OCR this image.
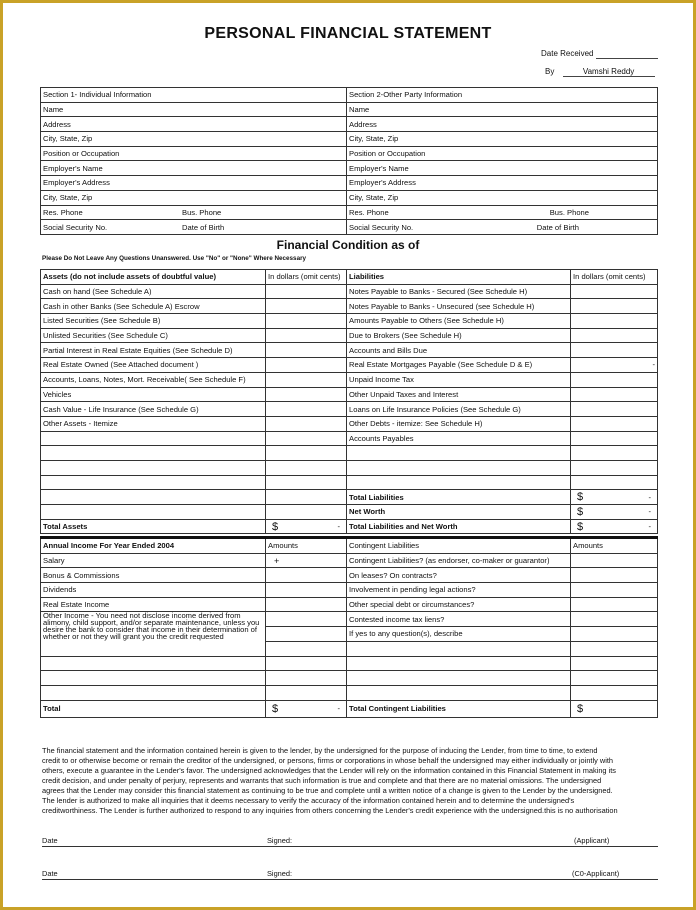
PERSONAL FINANCIAL STATEMENT
Date Received
By	Vamshi Reddy
Section 1- Individual Information	Section 2-Other Party Information
Name	Name
Address	Address
City, State, Zip	City, State, Zip
Position or Occupation	Position or Occupation
Employer's Name	Employer's Name
Employer's Address	Employer's Address
City, State, Zip	City, State, Zip

Res. Phone Bus. Phone	Res. Phone Bus. Phone

Social Security No. Date of Birth	Social Security No. Date of Birth
Financial Condition as of
Please Do Not Leave Any Questions Unanswered. Use "No" or "None" Where Necessary
Assets (do not include assets of doubtful value)	In dollars (omit cents)	Liabilities	In dollars (omit cents)
Cash on hand (See Schedule A)		Notes Payable to Banks - Secured (See Schedule H)	
Cash in other Banks (See Schedule A) Escrow		Notes Payable to Banks - Unsecured (see Schedule H)	
Listed Securities (See Schedule B)		Amounts Payable to Others (See Schedule H)	
Unlisted Securities (See Schedule C)		Due to Brokers (See Schedule H)	
Partial Interest in Real Estate Equities (See Schedule D)		Accounts and Bills Due	
Real Estate Owned (See Attached document )		Real Estate Mortgages Payable (See Schedule D & E)	-
Accounts, Loans, Notes, Mort. Receivable( See Schedule F)		Unpaid Income Tax	
Vehicles		Other Unpaid Taxes and Interest	
Cash Value - Life Insurance (See Schedule G)		Loans on Life Insurance Policies (See Schedule G)	
Other Assets - Itemize		Other Debts - itemize: See Schedule H)	
		Accounts Payables	

		Total Liabilities	$ -

		Net Worth	$ -

Total Assets	$ -	Total Liabilities and Net Worth	$ -
Annual Income For Year Ended 2004	Amounts	Contingent Liabilities	Amounts
Salary	+	Contingent Liabilities? (as endorser, co-maker or guarantor)	
Bonus & Commissions		On leases? On contracts?	
Dividends		Involvement in pending legal actions?	
Real Estate Income		Other special debt or circumstances?	
Other Income - You need not disclose income derived from alimony, child support, and/or separate maintenance, unless you desire the bank to consider that income in their determination of whether or not they will grant you the credit requested		Contested income tax liens?	
		If yes to any question(s), describe	

Total	$ -	Total Contingent Liabilities	$
The financial statement and the information contained herein is given to the lender, by the undersigned for the purpose of inducing the Lender, from time to time, to extend
credit to or otherwise become or remain the creditor of the undersigned, or persons, firms or corporations in whose behalf the undersigned may either individually or jointly with
others, execute a guarantee in the Lender's favor. The undersigned acknowledges that the Lender will rely on the information contained in this Financial Statement in making its
credit decision, and under penalty of perjury, represents and warrants that such information is true and complete and that there are no material omissions. The undersigned
agrees that the Lender may consider this financial statement as continuing to be true and complete until a written notice of a change is given to the Lender by the undersigned.
The lender is authorized to make all inquiries that it deems necessary to verify the accuracy of the information contained herein and to determine the undersigned's
creditworthiness. The Lender is further authorized to respond to any inquiries from others concerning the Lender's credit experience with the undersigned.this is no authorisation
Date	Signed:	(Applicant)
Date	Signed:	(C0-Applicant)
